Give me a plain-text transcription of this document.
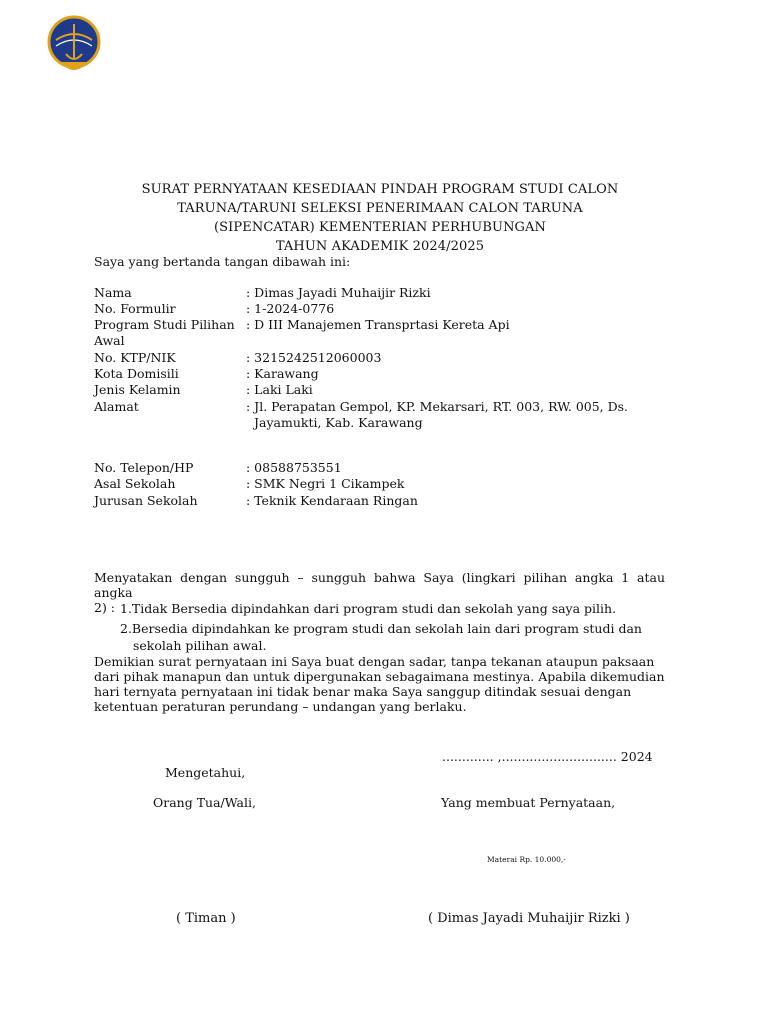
SURAT PERNYATAAN KESEDIAAN PINDAH PROGRAM STUDI CALON
TARUNA/TARUNI SELEKSI PENERIMAAN CALON TARUNA
(SIPENCATAR) KEMENTERIAN PERHUBUNGAN
TAHUN AKADEMIK 2024/2025
Saya yang bertanda tangan dibawah ini:
Nama	: Dimas Jayadi Muhaijir Rizki
No. Formulir	: 1-2024-0776
Program Studi Pilihan : D III Manajemen Transprtasi Kereta Api
Awal
No. KTP/NIK	: 3215242512060003
Kota Domisili	: Karawang
Jenis Kelamin	: Laki Laki
Alamat	: Jl. Perapatan Gempol, KP. Mekarsari, RT. 003, RW. 005, Ds.
Jayamukti, Kab. Karawang
No. Telepon/HP	: 08588753551
Asal Sekolah	: SMK Negri 1 Cikampek
Jurusan Sekolah	: Teknik Kendaraan Ringan
Menyatakan dengan sungguh – sungguh bahwa Saya (lingkari pilihan angka 1 atau angka
2) : 1.Tidak Bersedia dipindahkan dari program studi dan sekolah yang saya pilih.
2.Bersedia dipindahkan ke program studi dan sekolah lain dari program studi dan
sekolah pilihan awal.
Demikian surat pernyataan ini Saya buat dengan sadar, tanpa tekanan ataupun paksaan
dari pihak manapun dan untuk dipergunakan sebagaimana mestinya. Apabila dikemudian
hari ternyata pernyataan ini tidak benar maka Saya sanggup ditindak sesuai dengan
ketentuan peraturan perundang – undangan yang berlaku.
............. ,............................. 2024
Mengetahui,
Orang Tua/Wali,	Yang membuat Pernyataan,
Materai Rp. 10.000,-
( Timan )	( Dimas Jayadi Muhaijir Rizki )
